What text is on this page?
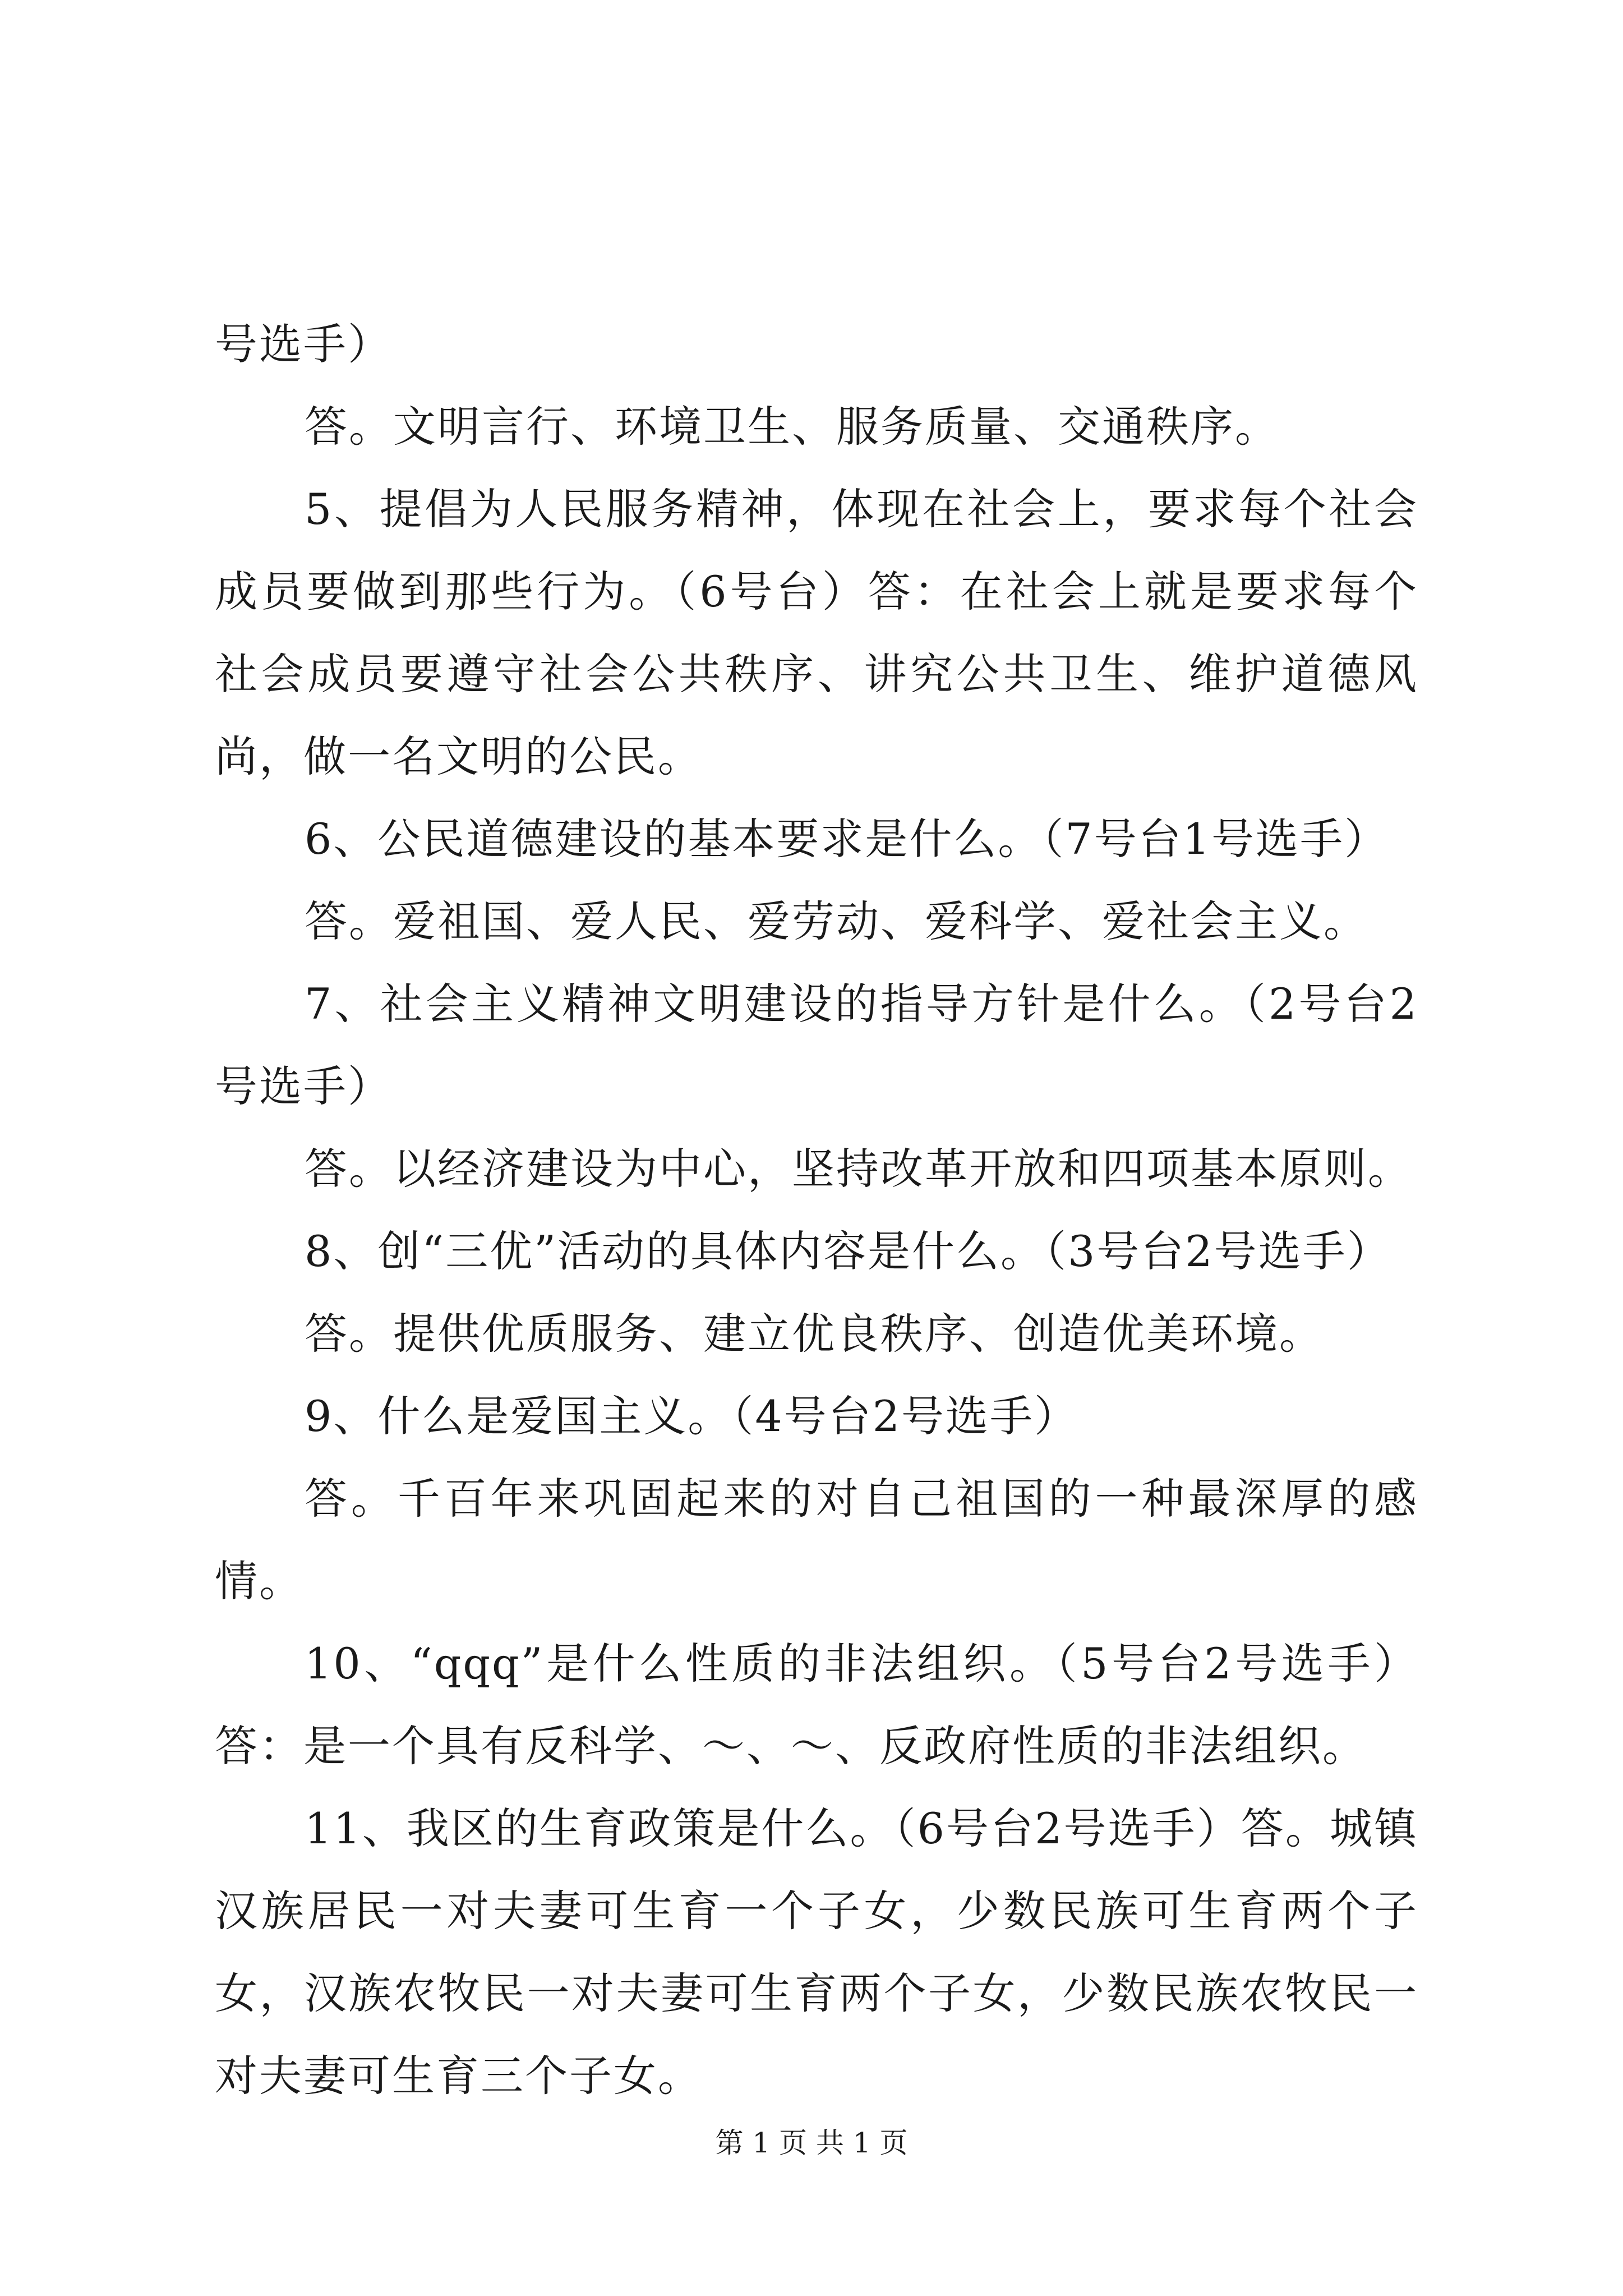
号选手）

答。文明言行、环境卫生、服务质量、交通秩序。

5、提倡为人民服务精神，体现在社会上，要求每个社会成员要做到那些行为。（6号台）答：在社会上就是要求每个社会成员要遵守社会公共秩序、讲究公共卫生、维护道德风尚，做一名文明的公民。

6、公民道德建设的基本要求是什么。（7号台1号选手）

答。爱祖国、爱人民、爱劳动、爱科学、爱社会主义。

7、社会主义精神文明建设的指导方针是什么。（2号台2号选手）

答。以经济建设为中心，坚持改革开放和四项基本原则。

8、创“三优”活动的具体内容是什么。（3号台2号选手）

答。提供优质服务、建立优良秩序、创造优美环境。

9、什么是爱国主义。（4号台2号选手）

答。千百年来巩固起来的对自己祖国的一种最深厚的感情。

10、“qqq”是什么性质的非法组织。（5号台2号选手）答：是一个具有反科学、～、～、反政府性质的非法组织。

11、我区的生育政策是什么。（6号台2号选手）答。城镇汉族居民一对夫妻可生育一个子女，少数民族可生育两个子女，汉族农牧民一对夫妻可生育两个子女，少数民族农牧民一对夫妻可生育三个子女。

第 1 页 共 1 页
